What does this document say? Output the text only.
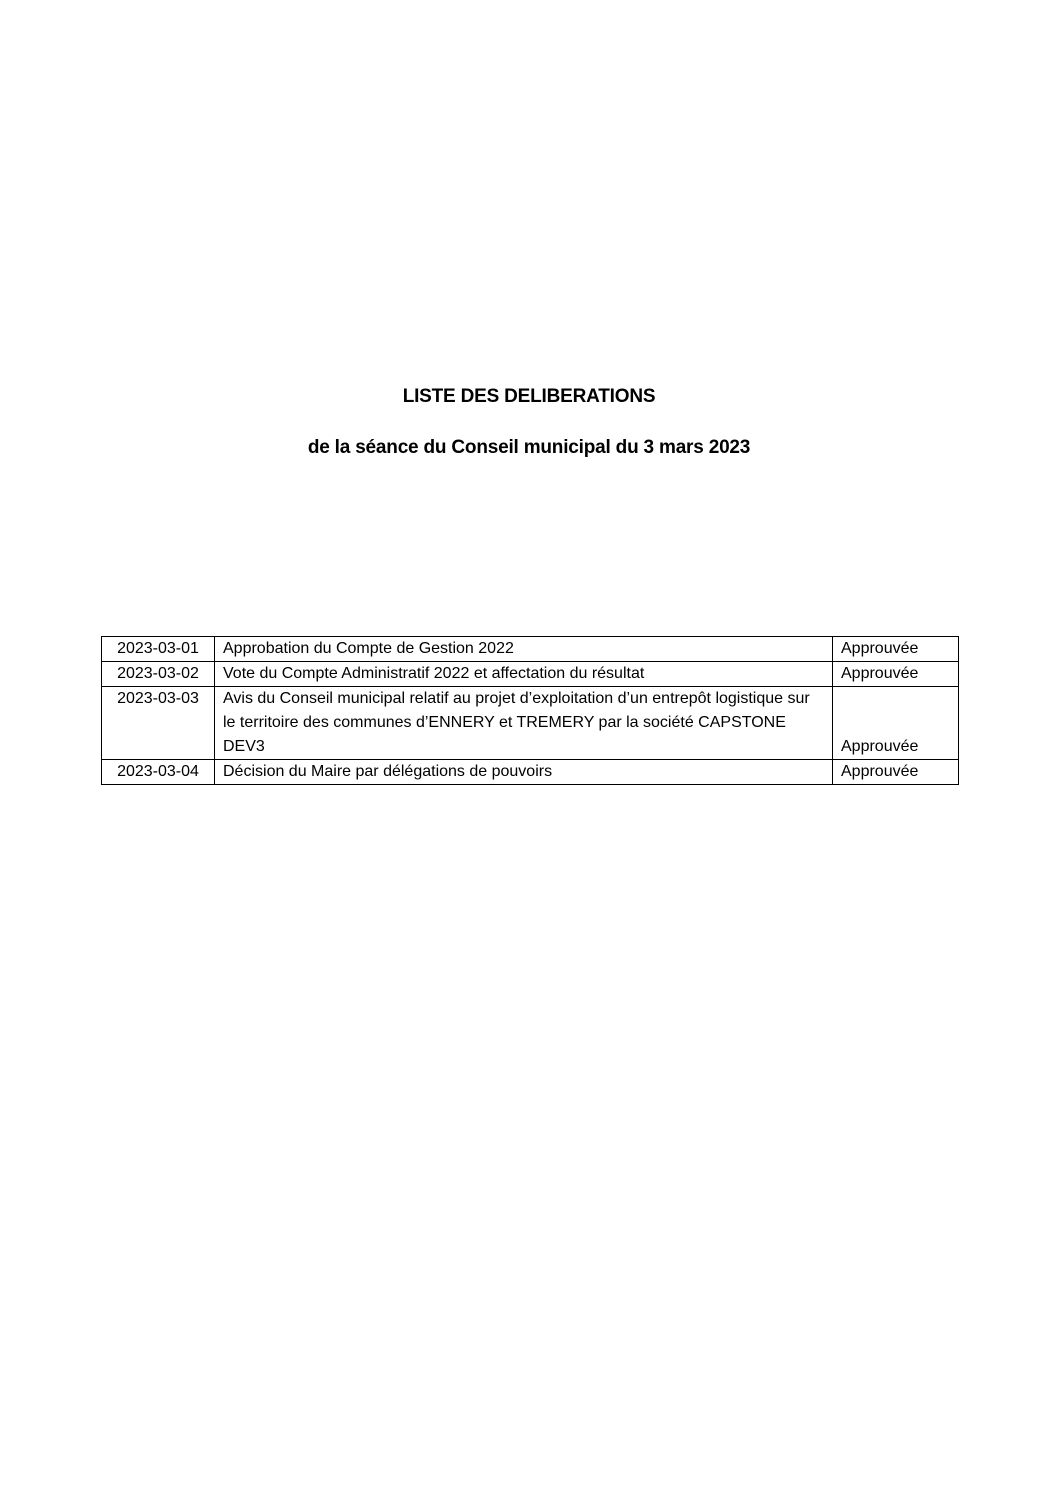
LISTE DES DELIBERATIONS
de la séance du Conseil municipal du 3 mars 2023
2023-03-01	Approbation du Compte de Gestion 2022	Approuvée
2023-03-02	Vote du Compte Administratif 2022 et affectation du résultat	Approuvée
2023-03-03	Avis du Conseil municipal relatif au projet d’exploitation d’un entrepôt logistique sur le territoire des communes d’ENNERY et TREMERY par la société CAPSTONE DEV3	Approuvée
2023-03-04	Décision du Maire par délégations de pouvoirs	Approuvée
